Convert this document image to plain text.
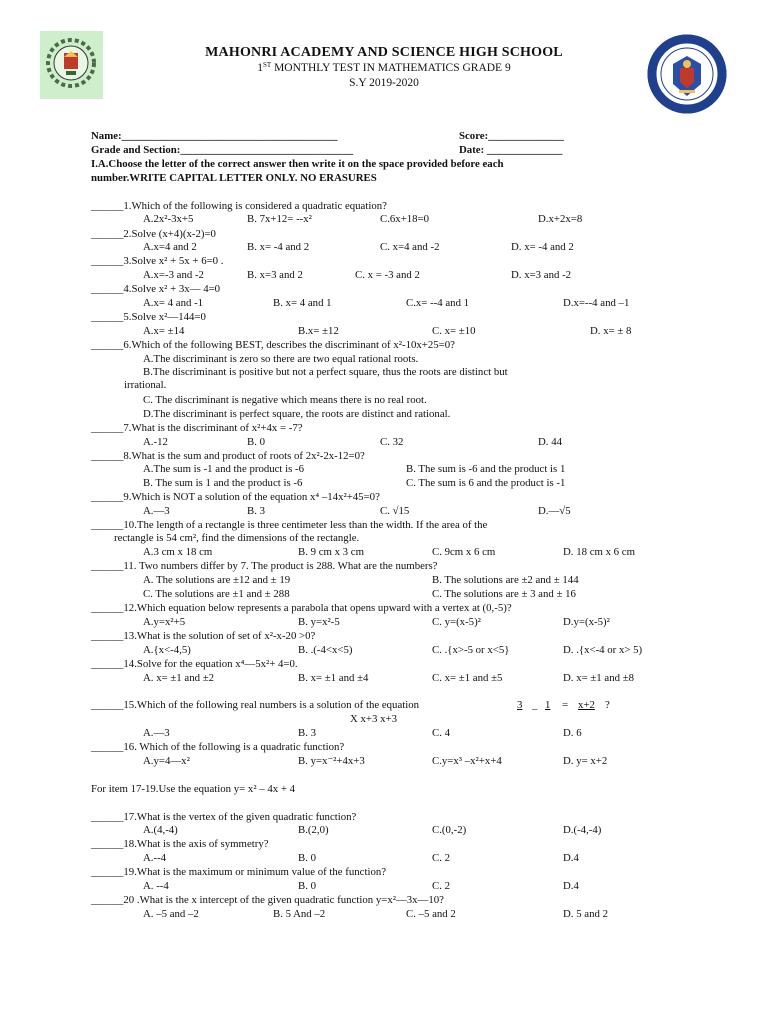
MAHONRI ACADEMY AND SCIENCE HIGH SCHOOL
1ST MONTHLY TEST IN MATHEMATICS GRADE 9
S.Y 2019-2020
Name:________________________________________	Score:______________
Grade and Section:________________________________	Date: ______________
I.A.Choose the letter of the correct answer then write it on the space provided before each
number.WRITE CAPITAL LETTER ONLY. NO ERASURES
______1.Which of the following is considered a quadratic equation?
A.2x²-3x+5	B. 7x+12= --x²	C.6x+18=0	D.x+2x=8
______2.Solve (x+4)(x-2)=0
A.x=4 and 2	B. x= -4 and 2	C. x=4 and -2	D. x= -4 and 2
______3.Solve x² + 5x + 6=0 .
A.x=-3 and -2	B. x=3 and 2	C. x = -3 and 2	D. x=3 and -2
______4.Solve x² + 3x— 4=0
A.x= 4 and -1	B. x= 4 and 1	C.x= --4 and 1	D.x=--4 and –1
______5.Solve x²—144=0
A.x= ±14	B.x= ±12	C. x= ±10	D. x= ± 8
______6.Which of the following BEST, describes the discriminant of x²-10x+25=0?
A.The discriminant is zero so there are two equal rational roots.
B.The discriminant is positive but not a perfect square, thus the roots are distinct but
irrational.
C. The discriminant is negative which means there is no real root.
D.The discriminant is perfect square, the roots are distinct and rational.
______7.What is the discriminant of x²+4x = -7?
A.-12	B. 0	C. 32	D. 44
______8.What is the sum and product of roots of 2x²-2x-12=0?
A.The sum is -1 and the product is -6	B. The sum is -6 and the product is 1
B. The sum is 1 and the product is -6	C. The sum is 6 and the product is -1
______9.Which is NOT a solution of the equation x⁴ –14x²+45=0?
A.—3	B. 3	C. √15	D.—√5
______10.The length of a rectangle is three centimeter less than the width. If the area of the
rectangle is 54 cm², find the dimensions of the rectangle.
A.3 cm x 18 cm	B. 9 cm x 3 cm	C. 9cm x 6 cm	D. 18 cm x 6 cm
______11. Two numbers differ by 7. The product is 288. What are the numbers?
A. The solutions are ±12 and ± 19	B. The solutions are ±2 and ± 144
C. The solutions are ±1 and ± 288	C. The solutions are ± 3 and ± 16
______12.Which equation below represents a parabola that opens upward with a vertex at (0,-5)?
A.y=x²+5	B. y=x²-5	C. y=(x-5)²	D.y=(x-5)²
______13.What is the solution of set of x²-x-20 >0?
A.{x<-4,5)	B. .(-4<x<5)	C. .{x>-5 or x<5}	D. .{x<-4 or x> 5)
______14.Solve for the equation x⁴—5x²+ 4=0.
A. x= ±1 and ±2	B. x= ±1 and ±4	C. x= ±1 and ±5	D. x= ±1 and ±8
______15.Which of the following real numbers is a solution of the equation	3 _ 1 = x+2 ?
X x+3 x+3
A.—3	B. 3	C. 4	D. 6
______16. Which of the following is a quadratic function?
A.y=4—x²	B. y=x⁻²+4x+3	C.y=x³ –x²+x+4	D. y= x+2
For item 17-19.Use the equation y= x² – 4x + 4
______17.What is the vertex of the given quadratic function?
A.(4,-4)	B.(2,0)	C.(0,-2)	D.(-4,-4)
______18.What is the axis of symmetry?
A.--4	B. 0	C. 2	D.4
______19.What is the maximum or minimum value of the function?
A. --4	B. 0	C. 2	D.4
______20 .What is the x intercept of the given quadratic function y=x²—3x—10?
A. –5 and –2	B. 5 And –2	C. –5 and 2	D. 5 and 2
